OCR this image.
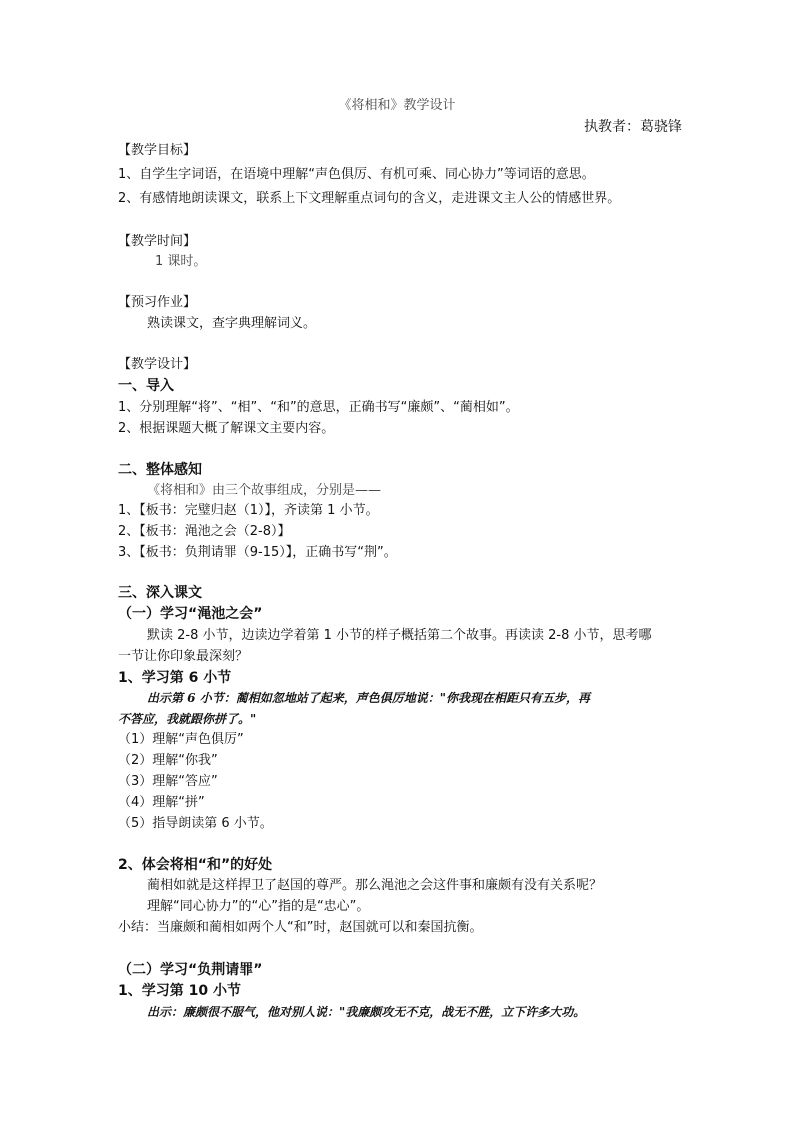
《将相和》教学设计
执教者：葛骁锋
【教学目标】
1、自学生字词语，在语境中理解“声色俱厉、有机可乘、同心协力”等词语的意思。
2、有感情地朗读课文，联系上下文理解重点词句的含义，走进课文主人公的情感世界。
【教学时间】
1 课时。
【预习作业】
熟读课文，查字典理解词义。
【教学设计】
一、导入
1、分别理解“将”、“相”、“和”的意思，正确书写“廉颇”、“蔺相如”。
2、根据课题大概了解课文主要内容。
二、整体感知
《将相和》由三个故事组成，分别是——
1、【板书：完璧归赵（1）】，齐读第 1 小节。
2、【板书：渑池之会（2-8）】
3、【板书：负荆请罪（9-15）】，正确书写“荆”。
三、深入课文
（一）学习“渑池之会”
默读 2-8 小节，边读边学着第 1 小节的样子概括第二个故事。再读读 2-8 小节，思考哪
一节让你印象最深刻？
1、学习第 6 小节
出示第 6 小节：蔺相如忽地站了起来，声色俱厉地说："你我现在相距只有五步，再
不答应，我就跟你拼了。"
（1）理解“声色俱厉”
（2）理解“你我”
（3）理解“答应”
（4）理解“拼”
（5）指导朗读第 6 小节。
2、体会将相“和”的好处
蔺相如就是这样捍卫了赵国的尊严。那么渑池之会这件事和廉颇有没有关系呢？
理解“同心协力”的“心”指的是“忠心”。
小结：当廉颇和蔺相如两个人“和”时，赵国就可以和秦国抗衡。
（二）学习“负荆请罪”
1、学习第 10 小节
出示：廉颇很不服气，他对别人说："我廉颇攻无不克，战无不胜，立下许多大功。
